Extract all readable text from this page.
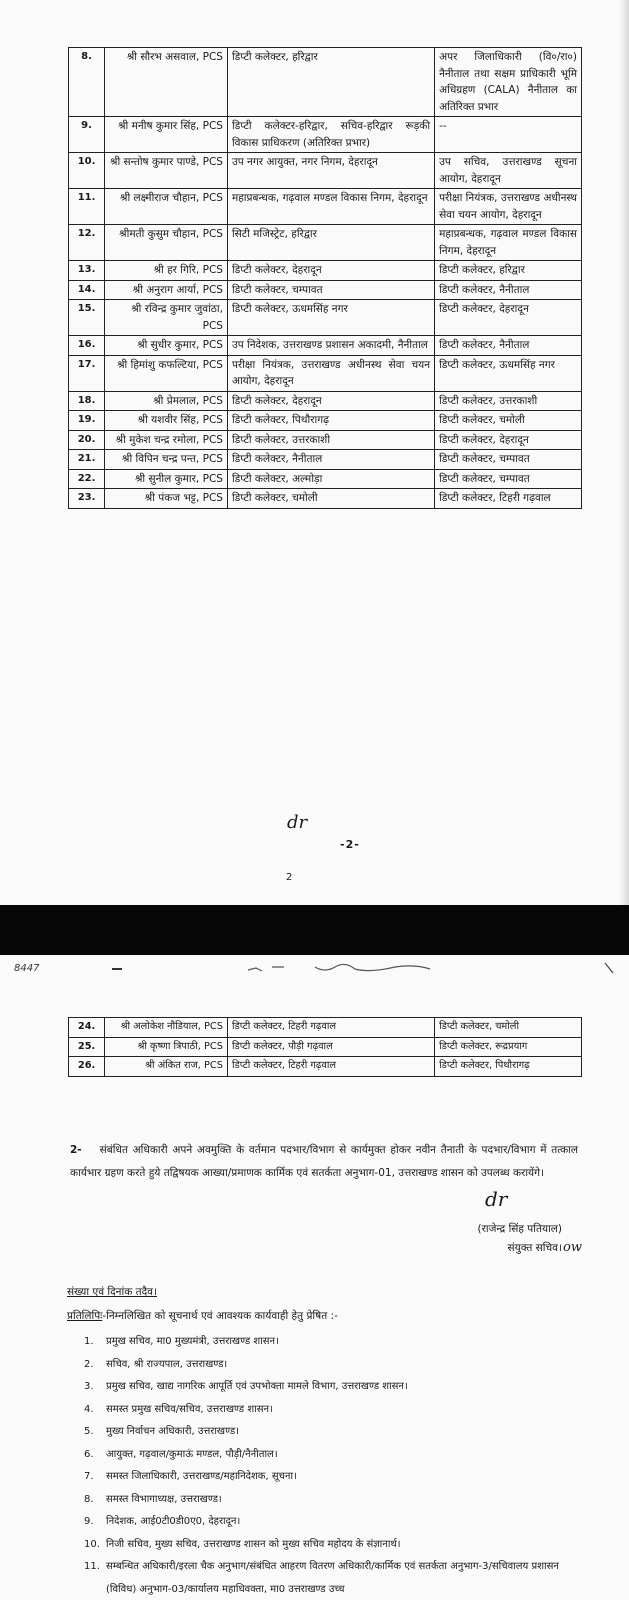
8.	श्री सौरभ असवाल, PCS	डिप्टी कलेक्टर, हरिद्वार	अपर जिलाधिकारी (वि०/रा०) नैनीताल तथा सक्षम प्राधिकारी भूमि अधिग्रहण (CALA) नैनीताल का अतिरिक्त प्रभार
9.	श्री मनीष कुमार सिंह, PCS	डिप्टी कलेक्टर-हरिद्वार, सचिव-हरिद्वार रूड़की विकास प्राधिकरण (अतिरिक्त प्रभार)	--
10.	श्री सन्तोष कुमार पाण्डे, PCS	उप नगर आयुक्त, नगर निगम, देहरादून	उप सचिव, उत्तराखण्ड सूचना आयोग, देहरादून
11.	श्री लक्ष्मीराज चौहान, PCS	महाप्रबन्धक, गढ़वाल मण्डल विकास निगम, देहरादून	परीक्षा नियंत्रक, उत्तराखण्ड अधीनस्थ सेवा चयन आयोग, देहरादून
12.	श्रीमती कुसुम चौहान, PCS	सिटी मजिस्ट्रेट, हरिद्वार	महाप्रबन्धक, गढ़वाल मण्डल विकास निगम, देहरादून
13.	श्री हर गिरि, PCS	डिप्टी कलेक्टर, देहरादून	डिप्टी कलेक्टर, हरिद्वार
14.	श्री अनुराग आर्या, PCS	डिप्टी कलेक्टर, चम्पावत	डिप्टी कलेक्टर, नैनीताल
15.	श्री रविन्द्र कुमार जुवांठा, PCS	डिप्टी कलेक्टर, ऊधमसिंह नगर	डिप्टी कलेक्टर, देहरादून
16.	श्री सुधीर कुमार, PCS	उप निदेशक, उत्तराखण्ड प्रशासन अकादमी, नैनीताल	डिप्टी कलेक्टर, नैनीताल
17.	श्री हिमांशु कफल्टिया, PCS	परीक्षा नियंत्रक, उत्तराखण्ड अधीनस्थ सेवा चयन आयोग, देहरादून	डिप्टी कलेक्टर, ऊधमसिंह नगर
18.	श्री प्रेमलाल, PCS	डिप्टी कलेक्टर, देहरादून	डिप्टी कलेक्टर, उत्तरकाशी
19.	श्री यशवीर सिंह, PCS	डिप्टी कलेक्टर, पिथौरागढ़	डिप्टी कलेक्टर, चमोली
20.	श्री मुकेश चन्द्र रमोला, PCS	डिप्टी कलेक्टर, उत्तरकाशी	डिप्टी कलेक्टर, देहरादून
21.	श्री विपिन चन्द्र पन्त, PCS	डिप्टी कलेक्टर, नैनीताल	डिप्टी कलेक्टर, चम्पावत
22.	श्री सुनील कुमार, PCS	डिप्टी कलेक्टर, अल्मोड़ा	डिप्टी कलेक्टर, चम्पावत
23.	श्री पंकज भट्ट, PCS	डिप्टी कलेक्टर, चमोली	डिप्टी कलेक्टर, टिहरी गढ़वाल
dr
-2-
2
8447
24.	श्री अलोकेश नौडियाल, PCS	डिप्टी कलेक्टर, टिहरी गढ़वाल	डिप्टी कलेक्टर, चमोली
25.	श्री कृष्णा त्रिपाठी, PCS	डिप्टी कलेक्टर, पौड़ी गढ़वाल	डिप्टी कलेक्टर, रूद्रप्रयाग
26.	श्री अंकित राज, PCS	डिप्टी कलेक्टर, टिहरी गढ़वाल	डिप्टी कलेक्टर, पिथौरागढ़
2- संबंधित अधिकारी अपने अवमुक्ति के वर्तमान पदभार/विभाग से कार्यमुक्त होकर नवीन तैनाती के पदभार/विभाग में तत्काल कार्यभार ग्रहण करते हुये तद्विषयक आख्या/प्रमाणक कार्मिक एवं सतर्कता अनुभाग-01, उत्तराखण्ड शासन को उपलब्ध करायेंगे।
dr
(राजेन्द्र सिंह पतियाल)
संयुक्त सचिव। ow
संख्या एवं दिनांक तदैव।
प्रतिलिपिः-निम्नलिखित को सूचनार्थ एवं आवश्यक कार्यवाही हेतु प्रेषित :-
1. प्रमुख सचिव, मा0 मुख्यमंत्री, उत्तराखण्ड शासन।
2. सचिव, श्री राज्यपाल, उत्तराखण्ड।
3. प्रमुख सचिव, खाद्य नागरिक आपूर्ति एवं उपभोक्ता मामले विभाग, उत्तराखण्ड शासन।
4. समस्त प्रमुख सचिव/सचिव, उत्तराखण्ड शासन।
5. मुख्य निर्वाचन अधिकारी, उत्तराखण्ड।
6. आयुक्त, गढ़वाल/कुमाऊं मण्डल, पौड़ी/नैनीताल।
7. समस्त जिलाधिकारी, उत्तराखण्ड/महानिदेशक, सूचना।
8. समस्त विभागाध्यक्ष, उत्तराखण्ड।
9. निदेशक, आई0टी0डी0ए0, देहरादून।
10. निजी सचिव, मुख्य सचिव, उत्तराखण्ड शासन को मुख्य सचिव महोदय के संज्ञानार्थ।
11. सम्बन्धित अधिकारी/इरला चैक अनुभाग/संबंधित आहरण वितरण अधिकारी/कार्मिक एवं सतर्कता अनुभाग-3/सचिवालय प्रशासन (विविध) अनुभाग-03/कार्यालय महाधिवक्ता, मा0 उत्तराखण्ड उच्च
